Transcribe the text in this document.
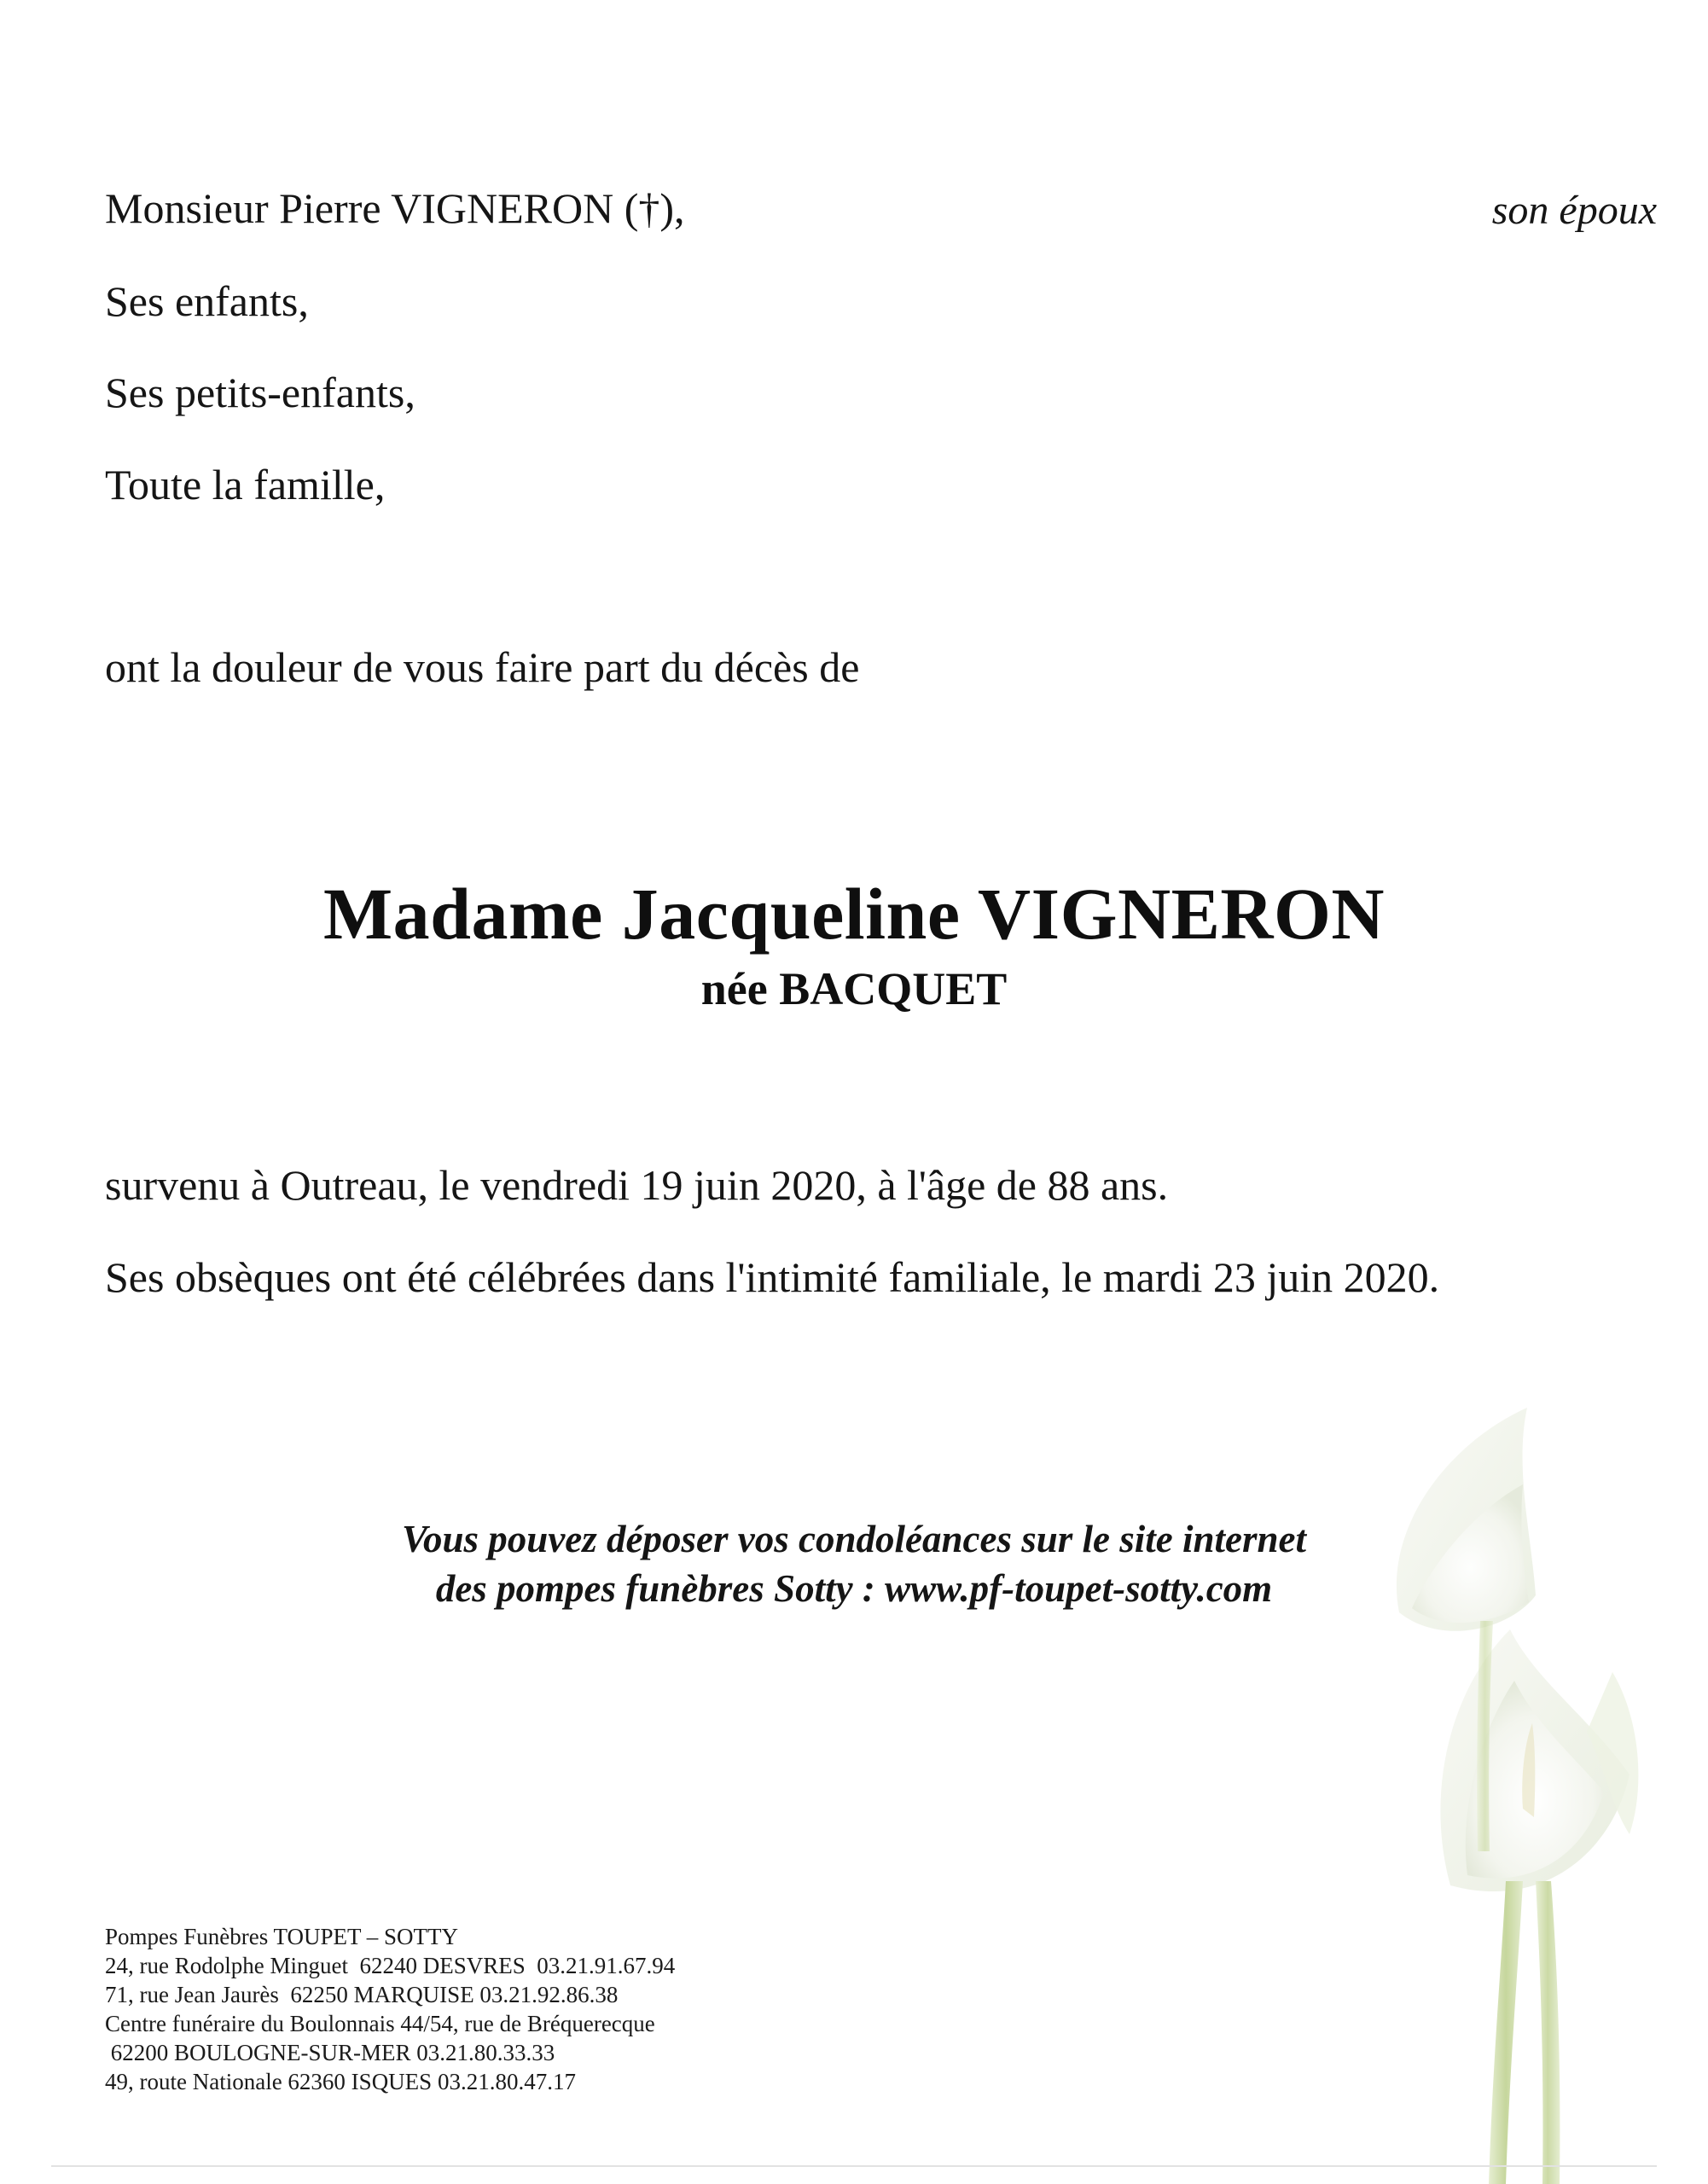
Monsieur Pierre VIGNERON (†),	son époux
Ses enfants,
Ses petits-enfants,
Toute la famille,
ont la douleur de vous faire part du décès de
Madame Jacqueline VIGNERON
née BACQUET
survenu à Outreau, le vendredi 19 juin 2020, à l'âge de 88 ans.
Ses obsèques ont été célébrées dans l'intimité familiale, le mardi 23 juin 2020.
Vous pouvez déposer vos condoléances sur le site internet
des pompes funèbres Sotty : www.pf-toupet-sotty.com
Pompes Funèbres TOUPET – SOTTY
24, rue Rodolphe Minguet  62240 DESVRES  03.21.91.67.94
71, rue Jean Jaurès  62250 MARQUISE 03.21.92.86.38
Centre funéraire du Boulonnais 44/54, rue de Bréquerecque
62200 BOULOGNE-SUR-MER 03.21.80.33.33
49, route Nationale 62360 ISQUES 03.21.80.47.17
